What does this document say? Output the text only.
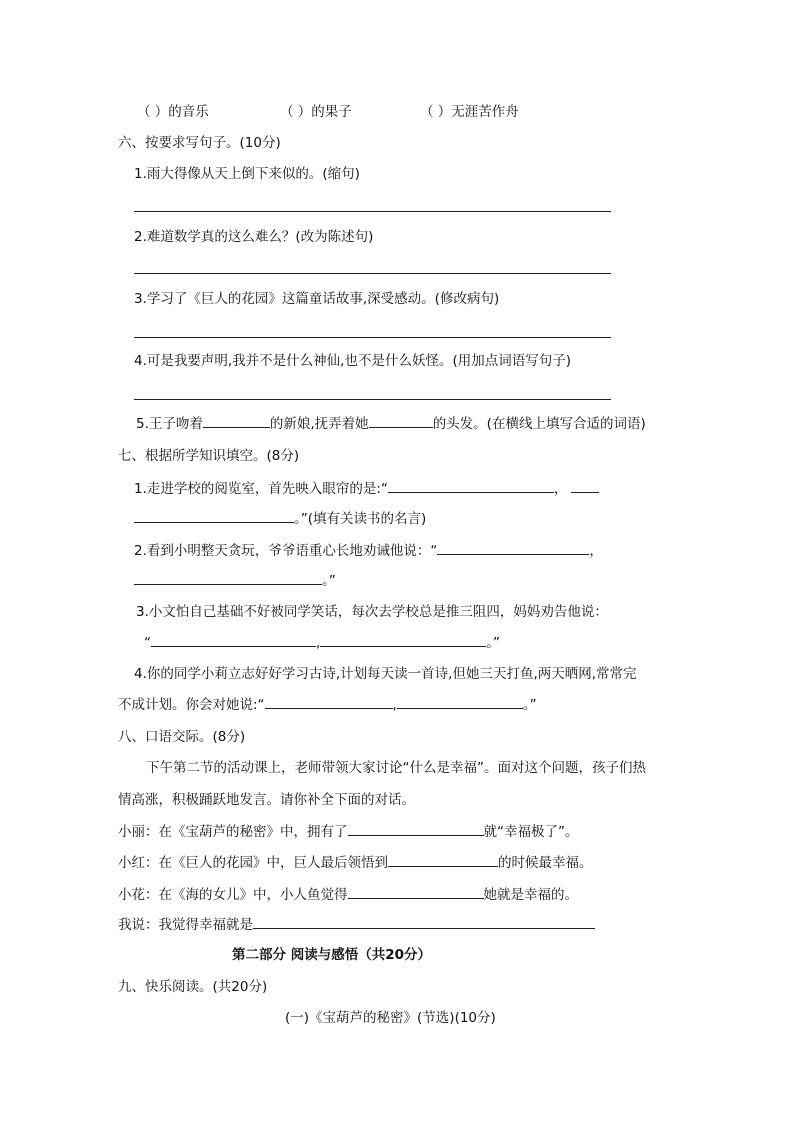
（ ）的音乐	（ ）的果子	（ ）无涯苦作舟
六、按要求写句子。(10分)
1.雨大得像从天上倒下来似的。(缩句)
2.难道数学真的这么难么？(改为陈述句)
3.学习了《巨人的花园》这篇童话故事,深受感动。(修改病句)
4.可是我要声明,我并不是什么神仙,也不是什么妖怪。(用加点词语写句子)
5.王子吻着	的新娘,抚弄着她	的头发。(在横线上填写合适的词语)
七、根据所学知识填空。(8分)
1.走进学校的阅览室，首先映入眼帘的是:“	，
。”(填有关读书的名言)
2.看到小明整天贪玩，爷爷语重心长地劝诫他说：“	，
。”
3.小文怕自己基础不好被同学笑话，每次去学校总是推三阻四，妈妈劝告他说：
“	,	。”
4.你的同学小莉立志好好学习古诗,计划每天读一首诗,但她三天打鱼,两天晒网,常常完
不成计划。你会对她说:“	,	。”
八、口语交际。(8分)
下午第二节的活动课上，老师带领大家讨论“什么是幸福”。面对这个问题，孩子们热
情高涨，积极踊跃地发言。请你补全下面的对话。
小丽：在《宝葫芦的秘密》中，拥有了	就“幸福极了”。
小红：在《巨人的花园》中，巨人最后领悟到	的时候最幸福。
小花：在《海的女儿》中，小人鱼觉得	她就是幸福的。
我说：我觉得幸福就是
第二部分 阅读与感悟（共20分）
九、快乐阅读。(共20分)
(一)《宝葫芦的秘密》(节选)(10分)
